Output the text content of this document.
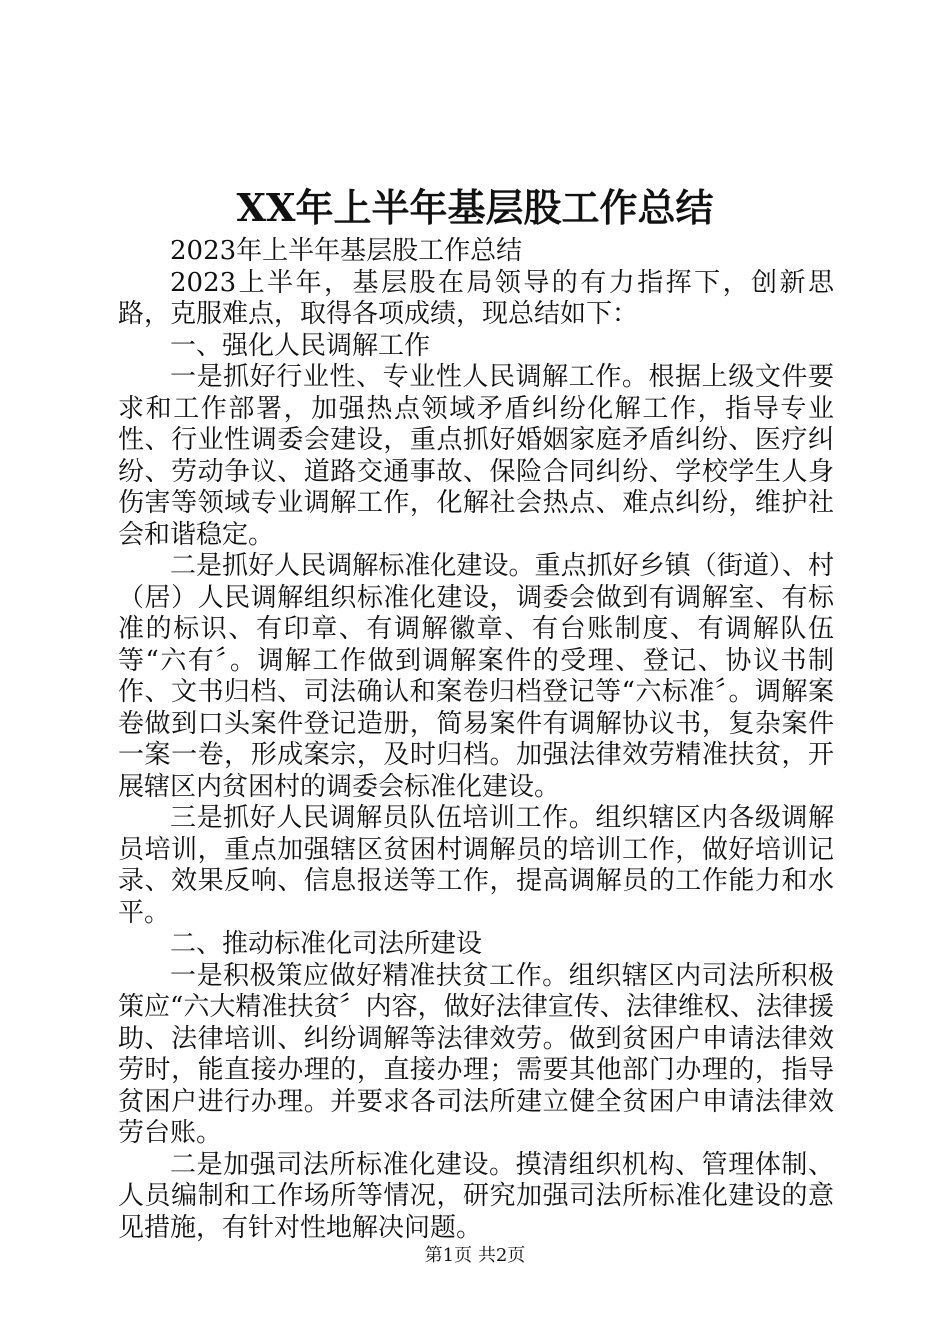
XX年上半年基层股工作总结

2023年上半年基层股工作总结

2023上半年，基层股在局领导的有力指挥下，创新思路，克服难点，取得各项成绩，现总结如下：

一、强化人民调解工作

一是抓好行业性、专业性人民调解工作。根据上级文件要求和工作部署，加强热点领域矛盾纠纷化解工作，指导专业性、行业性调委会建设，重点抓好婚姻家庭矛盾纠纷、医疗纠纷、劳动争议、道路交通事故、保险合同纠纷、学校学生人身伤害等领域专业调解工作，化解社会热点、难点纠纷，维护社会和谐稳定。

二是抓好人民调解标准化建设。重点抓好乡镇（街道）、村（居）人民调解组织标准化建设，调委会做到有调解室、有标准的标识、有印章、有调解徽章、有台账制度、有调解队伍等“六有〞。调解工作做到调解案件的受理、登记、协议书制作、文书归档、司法确认和案卷归档登记等“六标准〞。调解案卷做到口头案件登记造册，简易案件有调解协议书，复杂案件一案一卷，形成案宗，及时归档。加强法律效劳精准扶贫，开展辖区内贫困村的调委会标准化建设。

三是抓好人民调解员队伍培训工作。组织辖区内各级调解员培训，重点加强辖区贫困村调解员的培训工作，做好培训记录、效果反响、信息报送等工作，提高调解员的工作能力和水平。

二、推动标准化司法所建设

一是积极策应做好精准扶贫工作。组织辖区内司法所积极策应“六大精准扶贫〞内容，做好法律宣传、法律维权、法律援助、法律培训、纠纷调解等法律效劳。做到贫困户申请法律效劳时，能直接办理的，直接办理；需要其他部门办理的，指导贫困户进行办理。并要求各司法所建立健全贫困户申请法律效劳台账。

二是加强司法所标准化建设。摸清组织机构、管理体制、人员编制和工作场所等情况，研究加强司法所标准化建设的意见措施，有针对性地解决问题。

第1页 共2页
